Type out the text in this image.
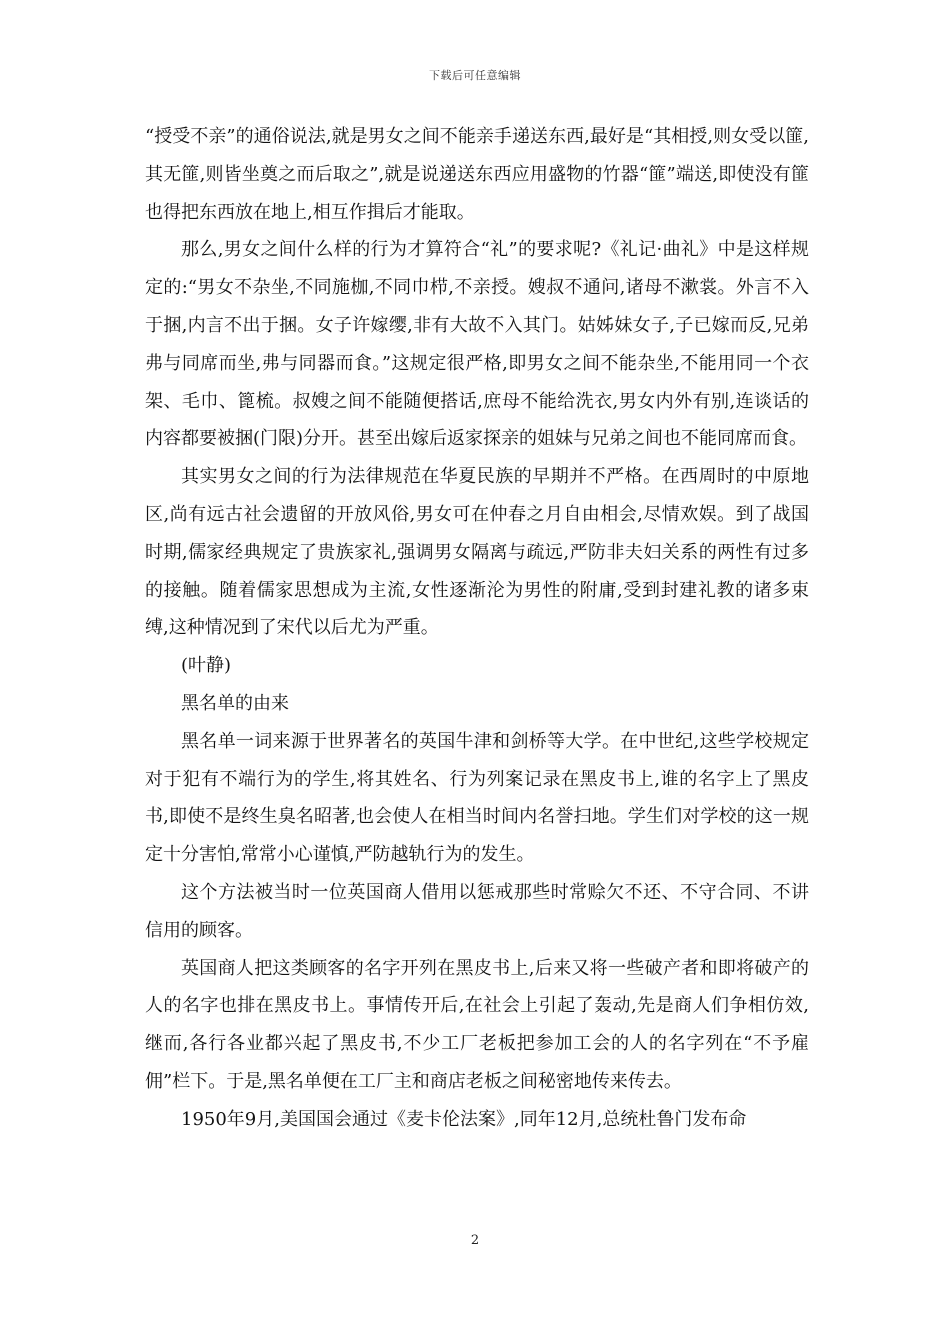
下载后可任意编辑

“授受不亲”的通俗说法,就是男女之间不能亲手递送东西,最好是“其相授,则女受以篚,其无篚,则皆坐奠之而后取之”,就是说递送东西应用盛物的竹器“篚”端送,即使没有篚也得把东西放在地上,相互作揖后才能取。

那么,男女之间什么样的行为才算符合“礼”的要求呢?《礼记·曲礼》中是这样规定的:“男女不杂坐,不同施枷,不同巾栉,不亲授。嫂叔不通问,诸母不漱裳。外言不入于捆,内言不出于捆。女子许嫁缨,非有大故不入其门。姑姊妹女子,子已嫁而反,兄弟弗与同席而坐,弗与同器而食。”这规定很严格,即男女之间不能杂坐,不能用同一个衣架、毛巾、篦梳。叔嫂之间不能随便搭话,庶母不能给洗衣,男女内外有别,连谈话的内容都要被捆(门限)分开。甚至出嫁后返家探亲的姐妹与兄弟之间也不能同席而食。

其实男女之间的行为法律规范在华夏民族的早期并不严格。在西周时的中原地区,尚有远古社会遗留的开放风俗,男女可在仲春之月自由相会,尽情欢娱。到了战国时期,儒家经典规定了贵族家礼,强调男女隔离与疏远,严防非夫妇关系的两性有过多的接触。随着儒家思想成为主流,女性逐渐沦为男性的附庸,受到封建礼教的诸多束缚,这种情况到了宋代以后尤为严重。

(叶静)

黑名单的由来

黑名单一词来源于世界著名的英国牛津和剑桥等大学。在中世纪,这些学校规定对于犯有不端行为的学生,将其姓名、行为列案记录在黑皮书上,谁的名字上了黑皮书,即使不是终生臭名昭著,也会使人在相当时间内名誉扫地。学生们对学校的这一规定十分害怕,常常小心谨慎,严防越轨行为的发生。

这个方法被当时一位英国商人借用以惩戒那些时常赊欠不还、不守合同、不讲信用的顾客。

英国商人把这类顾客的名字开列在黑皮书上,后来又将一些破产者和即将破产的人的名字也排在黑皮书上。事情传开后,在社会上引起了轰动,先是商人们争相仿效,继而,各行各业都兴起了黑皮书,不少工厂老板把参加工会的人的名字列在“不予雇佣”栏下。于是,黑名单便在工厂主和商店老板之间秘密地传来传去。

1950年9月,美国国会通过《麦卡伦法案》,同年12月,总统杜鲁门发布命

2
